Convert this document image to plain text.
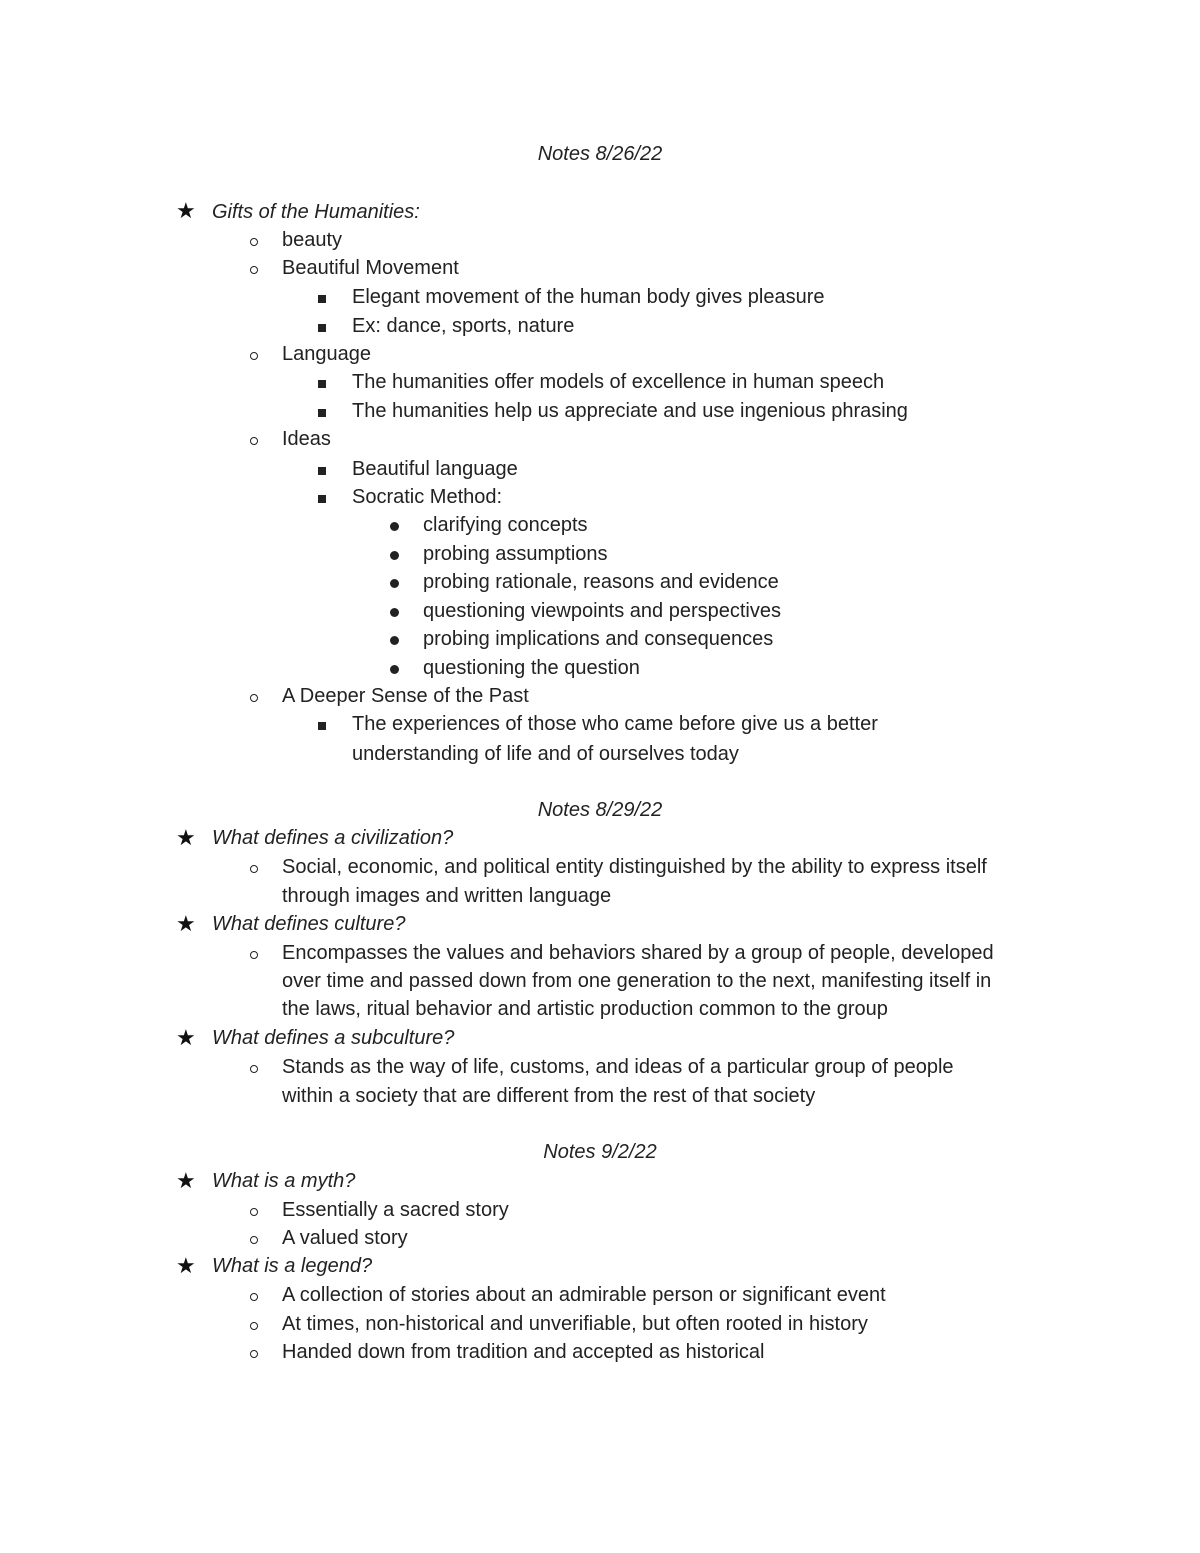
Notes 8/26/22
★ Gifts of the Humanities:
beauty
Beautiful Movement
Elegant movement of the human body gives pleasure
Ex: dance, sports, nature
Language
The humanities offer models of excellence in human speech
The humanities help us appreciate and use ingenious phrasing
Ideas
Beautiful language
Socratic Method:
clarifying concepts
probing assumptions
probing rationale, reasons and evidence
questioning viewpoints and perspectives
probing implications and consequences
questioning the question
A Deeper Sense of the Past
The experiences of those who came before give us a better
understanding of life and of ourselves today
Notes 8/29/22
★ What defines a civilization?
Social, economic, and political entity distinguished by the ability to express itself
through images and written language
★ What defines culture?
Encompasses the values and behaviors shared by a group of people, developed
over time and passed down from one generation to the next, manifesting itself in
the laws, ritual behavior and artistic production common to the group
★ What defines a subculture?
Stands as the way of life, customs, and ideas of a particular group of people
within a society that are different from the rest of that society
Notes 9/2/22
★ What is a myth?
Essentially a sacred story
A valued story
★ What is a legend?
A collection of stories about an admirable person or significant event
At times, non-historical and unverifiable, but often rooted in history
Handed down from tradition and accepted as historical
